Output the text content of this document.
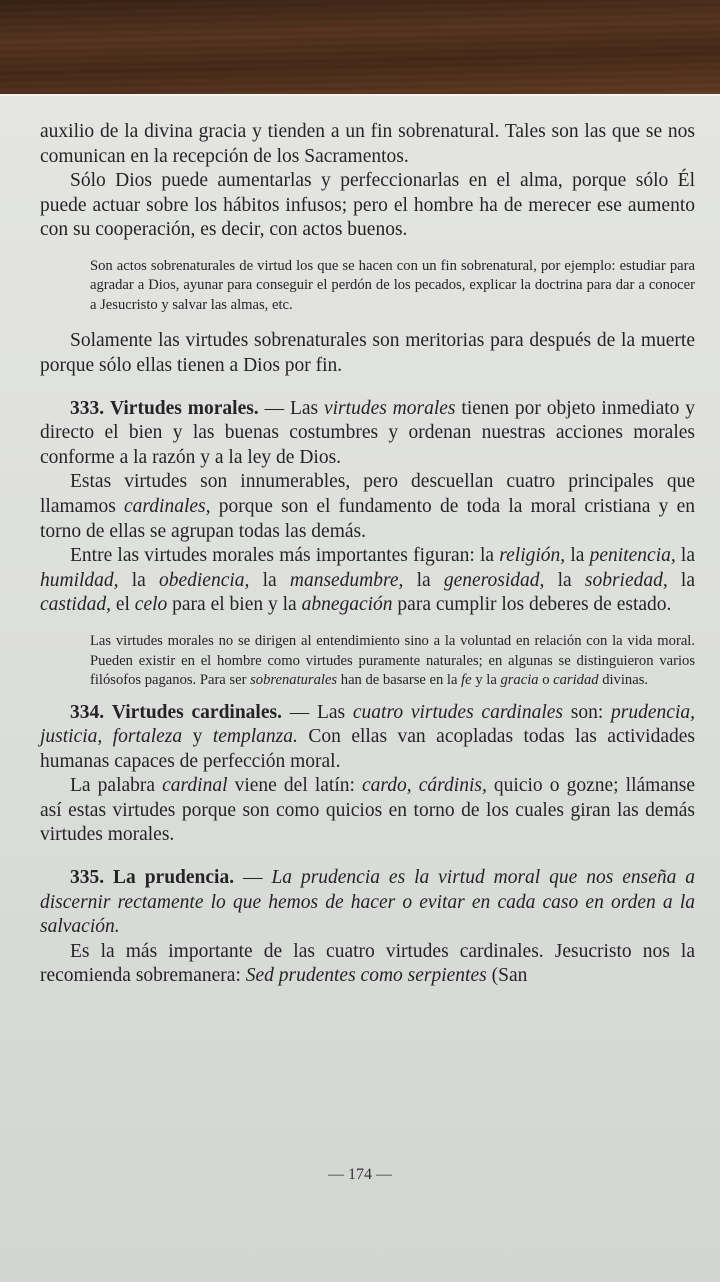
auxilio de la divina gracia y tienden a un fin sobrenatural. Tales son las que se nos comunican en la recepción de los Sacramentos.

Sólo Dios puede aumentarlas y perfeccionarlas en el alma, porque sólo Él puede actuar sobre los hábitos infusos; pero el hombre ha de merecer ese aumento con su cooperación, es decir, con actos buenos.

Son actos sobrenaturales de virtud los que se hacen con un fin sobrenatural, por ejemplo: estudiar para agradar a Dios, ayunar para conseguir el perdón de los pecados, explicar la doctrina para dar a conocer a Jesucristo y salvar las almas, etc.

Solamente las virtudes sobrenaturales son meritorias para después de la muerte porque sólo ellas tienen a Dios por fin.

333. Virtudes morales. — Las virtudes morales tienen por objeto inmediato y directo el bien y las buenas costumbres y ordenan nuestras acciones morales conforme a la razón y a la ley de Dios.

Estas virtudes son innumerables, pero descuellan cuatro principales que llamamos cardinales, porque son el fundamento de toda la moral cristiana y en torno de ellas se agrupan todas las demás.

Entre las virtudes morales más importantes figuran: la religión, la penitencia, la humildad, la obediencia, la mansedumbre, la generosidad, la sobriedad, la castidad, el celo para el bien y la abnegación para cumplir los deberes de estado.

Las virtudes morales no se dirigen al entendimiento sino a la voluntad en relación con la vida moral. Pueden existir en el hombre como virtudes puramente naturales; en algunas se distinguieron varios filósofos paganos. Para ser sobrenaturales han de basarse en la fe y la gracia o caridad divinas.

334. Virtudes cardinales. — Las cuatro virtudes cardinales son: prudencia, justicia, fortaleza y templanza. Con ellas van acopladas todas las actividades humanas capaces de perfección moral.

La palabra cardinal viene del latín: cardo, cárdinis, quicio o gozne; llámanse así estas virtudes porque son como quicios en torno de los cuales giran las demás virtudes morales.

335. La prudencia. — La prudencia es la virtud moral que nos enseña a discernir rectamente lo que hemos de hacer o evitar en cada caso en orden a la salvación.

Es la más importante de las cuatro virtudes cardinales. Jesucristo nos la recomienda sobremanera: Sed prudentes como serpientes (San

— 174 —
